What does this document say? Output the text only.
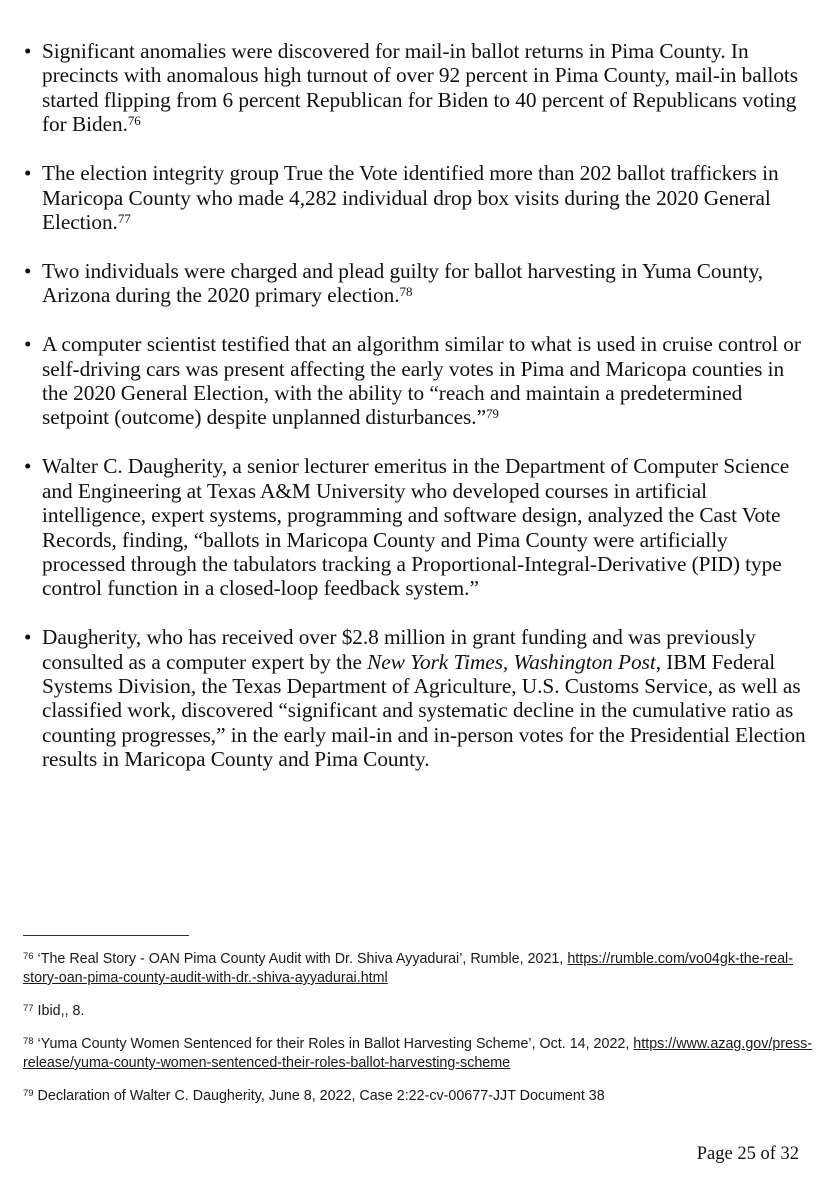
• Significant anomalies were discovered for mail-in ballot returns in Pima County. In precincts with anomalous high turnout of over 92 percent in Pima County, mail-in ballots started flipping from 6 percent Republican for Biden to 40 percent of Republicans voting for Biden.$^{76}$
• The election integrity group True the Vote identified more than 202 ballot traffickers in Maricopa County who made 4,282 individual drop box visits during the 2020 General Election.$^{77}$
• Two individuals were charged and plead guilty for ballot harvesting in Yuma County, Arizona during the 2020 primary election.$^{78}$
• A computer scientist testified that an algorithm similar to what is used in cruise control or self-driving cars was present affecting the early votes in Pima and Maricopa counties in the 2020 General Election, with the ability to “reach and maintain a predetermined setpoint (outcome) despite unplanned disturbances.”$^{79}$
• Walter C. Daugherity, a senior lecturer emeritus in the Department of Computer Science and Engineering at Texas A&M University who developed courses in artificial intelligence, expert systems, programming and software design, analyzed the Cast Vote Records, finding, “ballots in Maricopa County and Pima County were artificially processed through the tabulators tracking a Proportional-Integral-Derivative (PID) type control function in a closed-loop feedback system.”
• Daugherity, who has received over $2.8 million in grant funding and was previously consulted as a computer expert by the New York Times, Washington Post, IBM Federal Systems Division, the Texas Department of Agriculture, U.S. Customs Service, as well as classified work, discovered “significant and systematic decline in the cumulative ratio as counting progresses,” in the early mail-in and in-person votes for the Presidential Election results in Maricopa County and Pima County.

$^{76}$ ‘The Real Story - OAN Pima County Audit with Dr. Shiva Ayyadurai’, Rumble, 2021, https://rumble.com/vo04gk-the-real-story-oan-pima-county-audit-with-dr.-shiva-ayyadurai.html

$^{77}$ Ibid,, 8.

$^{78}$ ‘Yuma County Women Sentenced for their Roles in Ballot Harvesting Scheme’, Oct. 14, 2022, https://www.azag.gov/press-release/yuma-county-women-sentenced-their-roles-ballot-harvesting-scheme

$^{79}$ Declaration of Walter C. Daugherity, June 8, 2022, Case 2:22-cv-00677-JJT Document 38

Page 25 of 32
